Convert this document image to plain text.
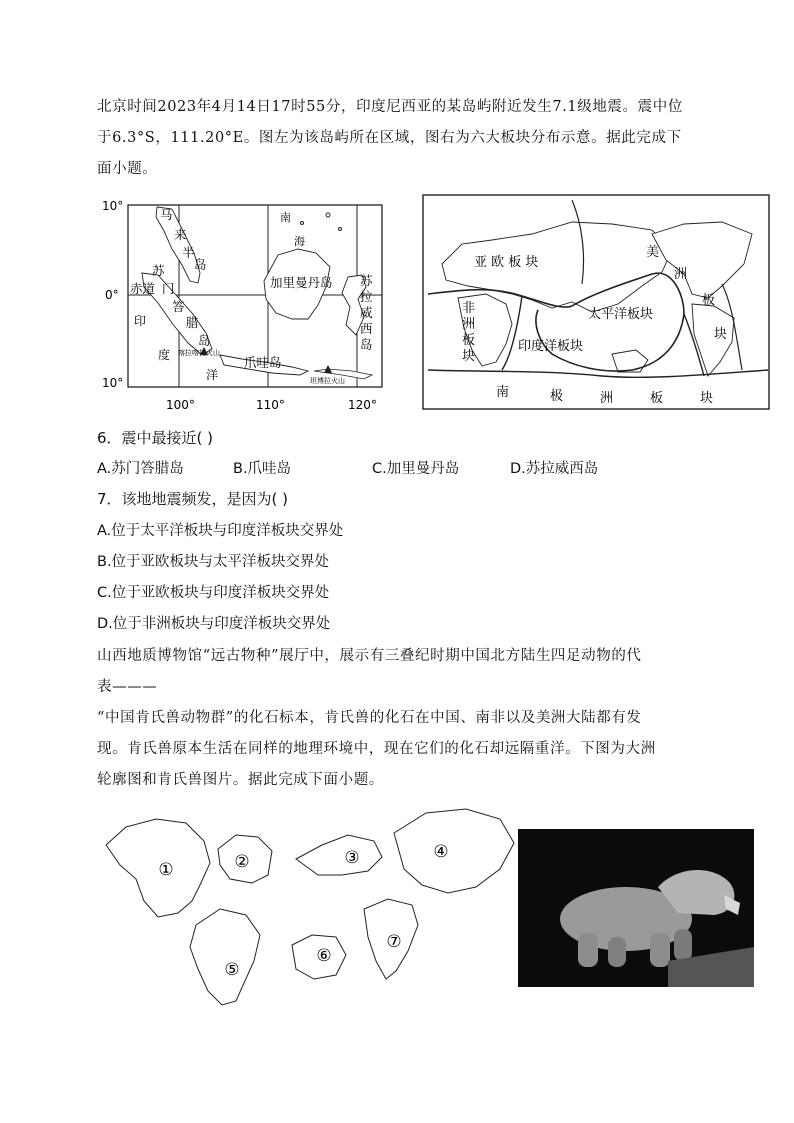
北京时间2023年4月14日17时55分，印度尼西亚的某岛屿附近发生7.1级地震。震中位
于6.3°S，111.20°E。图左为该岛屿所在区域，图右为六大板块分布示意。据此完成下
面小题。
10°
0°
10°
100°	110°	120°
马
来
半
岛
苏
门
答
腊
岛
赤道	加里曼丹岛 苏
拉
威
西
岛
爪哇岛
印
度
洋
南
海
喀拉喀托火山
坦博拉火山
亚 欧 板 块
非
洲
板
块
印度洋板块
太平洋板块
美
洲
板
块
南	极	洲	板	块
6．震中最接近( )
A.苏门答腊岛	B.爪哇岛	C.加里曼丹岛	D.苏拉威西岛
7．该地地震频发，是因为( )
A.位于太平洋板块与印度洋板块交界处
B.位于亚欧板块与太平洋板块交界处
C.位于亚欧板块与印度洋板块交界处
D.位于非洲板块与印度洋板块交界处
山西地质博物馆“远古物种”展厅中，展示有三叠纪时期中国北方陆生四足动物的代
表———
“中国肯氏兽动物群”的化石标本，肯氏兽的化石在中国、南非以及美洲大陆都有发
现。肯氏兽原本生活在同样的地理环境中，现在它们的化石却远隔重洋。下图为大洲
轮廓图和肯氏兽图片。据此完成下面小题。
①	②	③	④
⑤
⑥
⑦
